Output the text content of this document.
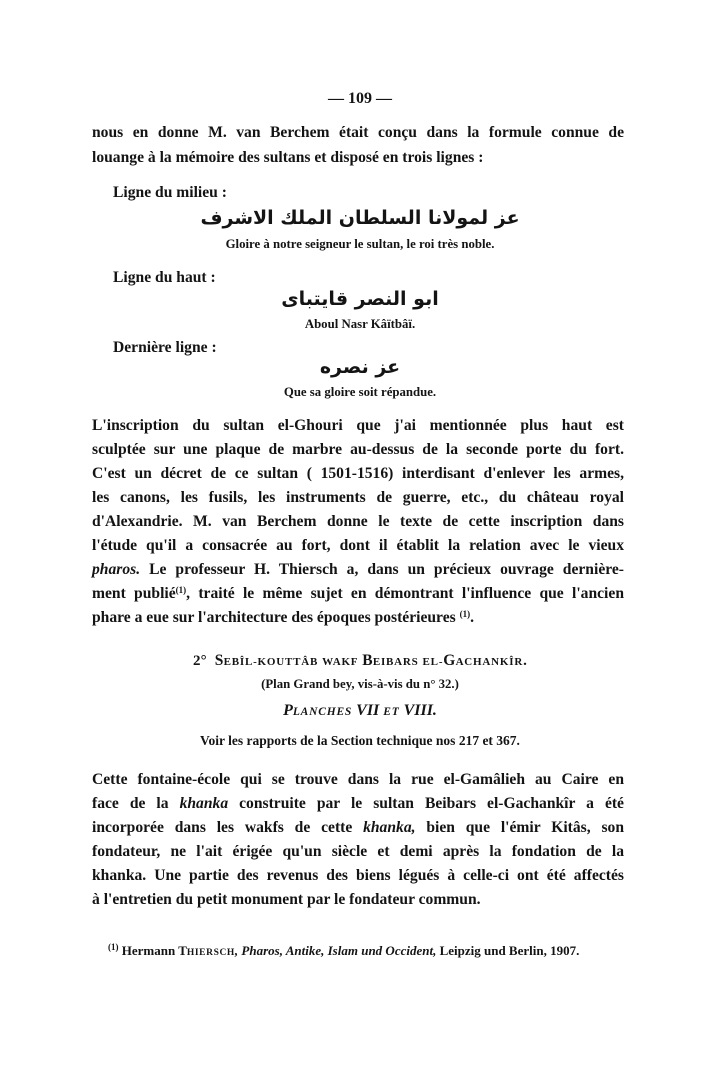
— 109 —

nous en donne M. van Berchem était conçu dans la formule connue de

louange à la mémoire des sultans et disposé en trois lignes :

Ligne du milieu :
عز لمولانا السلطان الملك الاشرف
Gloire à notre seigneur le sultan, le roi très noble.
Ligne du haut :
ابو النصر قايتباى
Aboul Nasr Kâïtbâï.
Dernière ligne :
عز نصره
Que sa gloire soit répandue.

L'inscription du sultan el-Ghouri que j'ai mentionnée plus haut est

sculptée sur une plaque de marbre au-dessus de la seconde porte du fort.

C'est un décret de ce sultan ( 1501-1516) interdisant d'enlever les armes,

les canons, les fusils, les instruments de guerre, etc., du château royal

d'Alexandrie. M. van Berchem donne le texte de cette inscription dans

l'étude qu'il a consacrée au fort, dont il établit la relation avec le vieux

pharos. Le professeur H. Thiersch a, dans un précieux ouvrage dernière-

ment publié$^{(1)}$, traité le même sujet en démontrant l'influence que l'ancien

phare a eue sur l'architecture des époques postérieures $^{(1)}$.

2° SEBÎL-KOUTTÂB WAKF BEIBARS EL-GACHANKÎR.
(Plan Grand bey, vis-à-vis du n° 32.)
PLANCHES VII ET VIII.
Voir les rapports de la Section technique nos 217 et 367.

Cette fontaine-école qui se trouve dans la rue el-Gamâlieh au Caire en

face de la khanka construite par le sultan Beibars el-Gachankîr a été

incorporée dans les wakfs de cette khanka, bien que l'émir Kitâs, son

fondateur, ne l'ait érigée qu'un siècle et demi après la fondation de la

khanka. Une partie des revenus des biens légués à celle-ci ont été affectés

à l'entretien du petit monument par le fondateur commun.

$^{(1)}$ Hermann THIERSCH, Pharos, Antike, Islam und Occident, Leipzig und Berlin, 1907.
